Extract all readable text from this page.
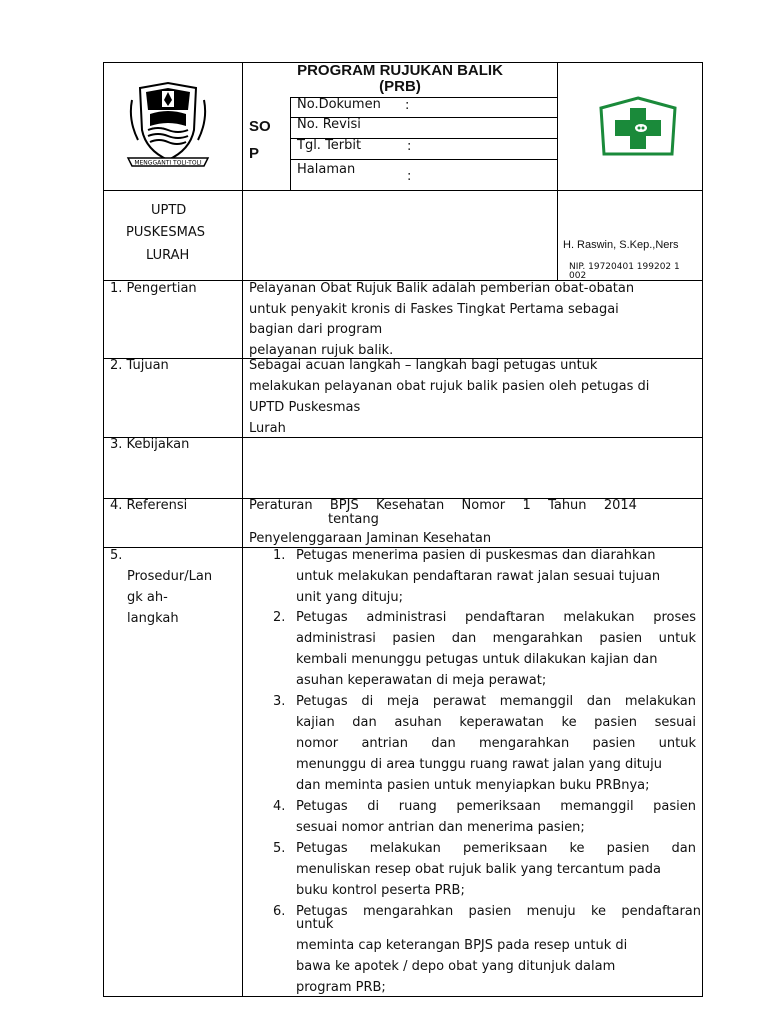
MENGGANTI TOLI-TOLI
PROGRAM RUJUKAN BALIK
(PRB)
SO
P
No.Dokumen :
No. Revisi
Tgl. Terbit	:
Halaman	:
UPTD
PUSKESMAS
LURAH
H. Raswin, S.Kep.,Ners
NIP. 19720401 199202 1
002
1. Pengertian	Pelayanan Obat Rujuk Balik adalah pemberian obat-obatan
untuk penyakit kronis di Faskes Tingkat Pertama sebagai
bagian dari program
pelayanan rujuk balik.
2. Tujuan	Sebagai acuan langkah – langkah bagi petugas untuk
melakukan pelayanan obat rujuk balik pasien oleh petugas di
UPTD Puskesmas
Lurah
3. Kebijakan
4. Referensi	Peraturan BPJS Kesehatan Nomor 1 Tahun 2014
tentang
Penyelenggaraan Jaminan Kesehatan
5.
Prosedur/Lan
gk ah-
langkah
1. Petugas menerima pasien di puskesmas dan diarahkan
untuk melakukan pendaftaran rawat jalan sesuai tujuan
unit yang dituju;
2. Petugas administrasi pendaftaran melakukan proses
administrasi pasien dan mengarahkan pasien untuk
kembali menunggu petugas untuk dilakukan kajian dan
asuhan keperawatan di meja perawat;
3. Petugas di meja perawat memanggil dan melakukan
kajian dan asuhan keperawatan ke pasien sesuai
nomor antrian dan mengarahkan pasien untuk
menunggu di area tunggu ruang rawat jalan yang dituju
dan meminta pasien untuk menyiapkan buku PRBnya;
4. Petugas di ruang pemeriksaan memanggil pasien
sesuai nomor antrian dan menerima pasien;
5. Petugas melakukan pemeriksaan ke pasien dan
menuliskan resep obat rujuk balik yang tercantum pada
buku kontrol peserta PRB;
6. Petugas mengarahkan pasien menuju ke pendaftaran
untuk
meminta cap keterangan BPJS pada resep untuk di
bawa ke apotek / depo obat yang ditunjuk dalam
program PRB;
